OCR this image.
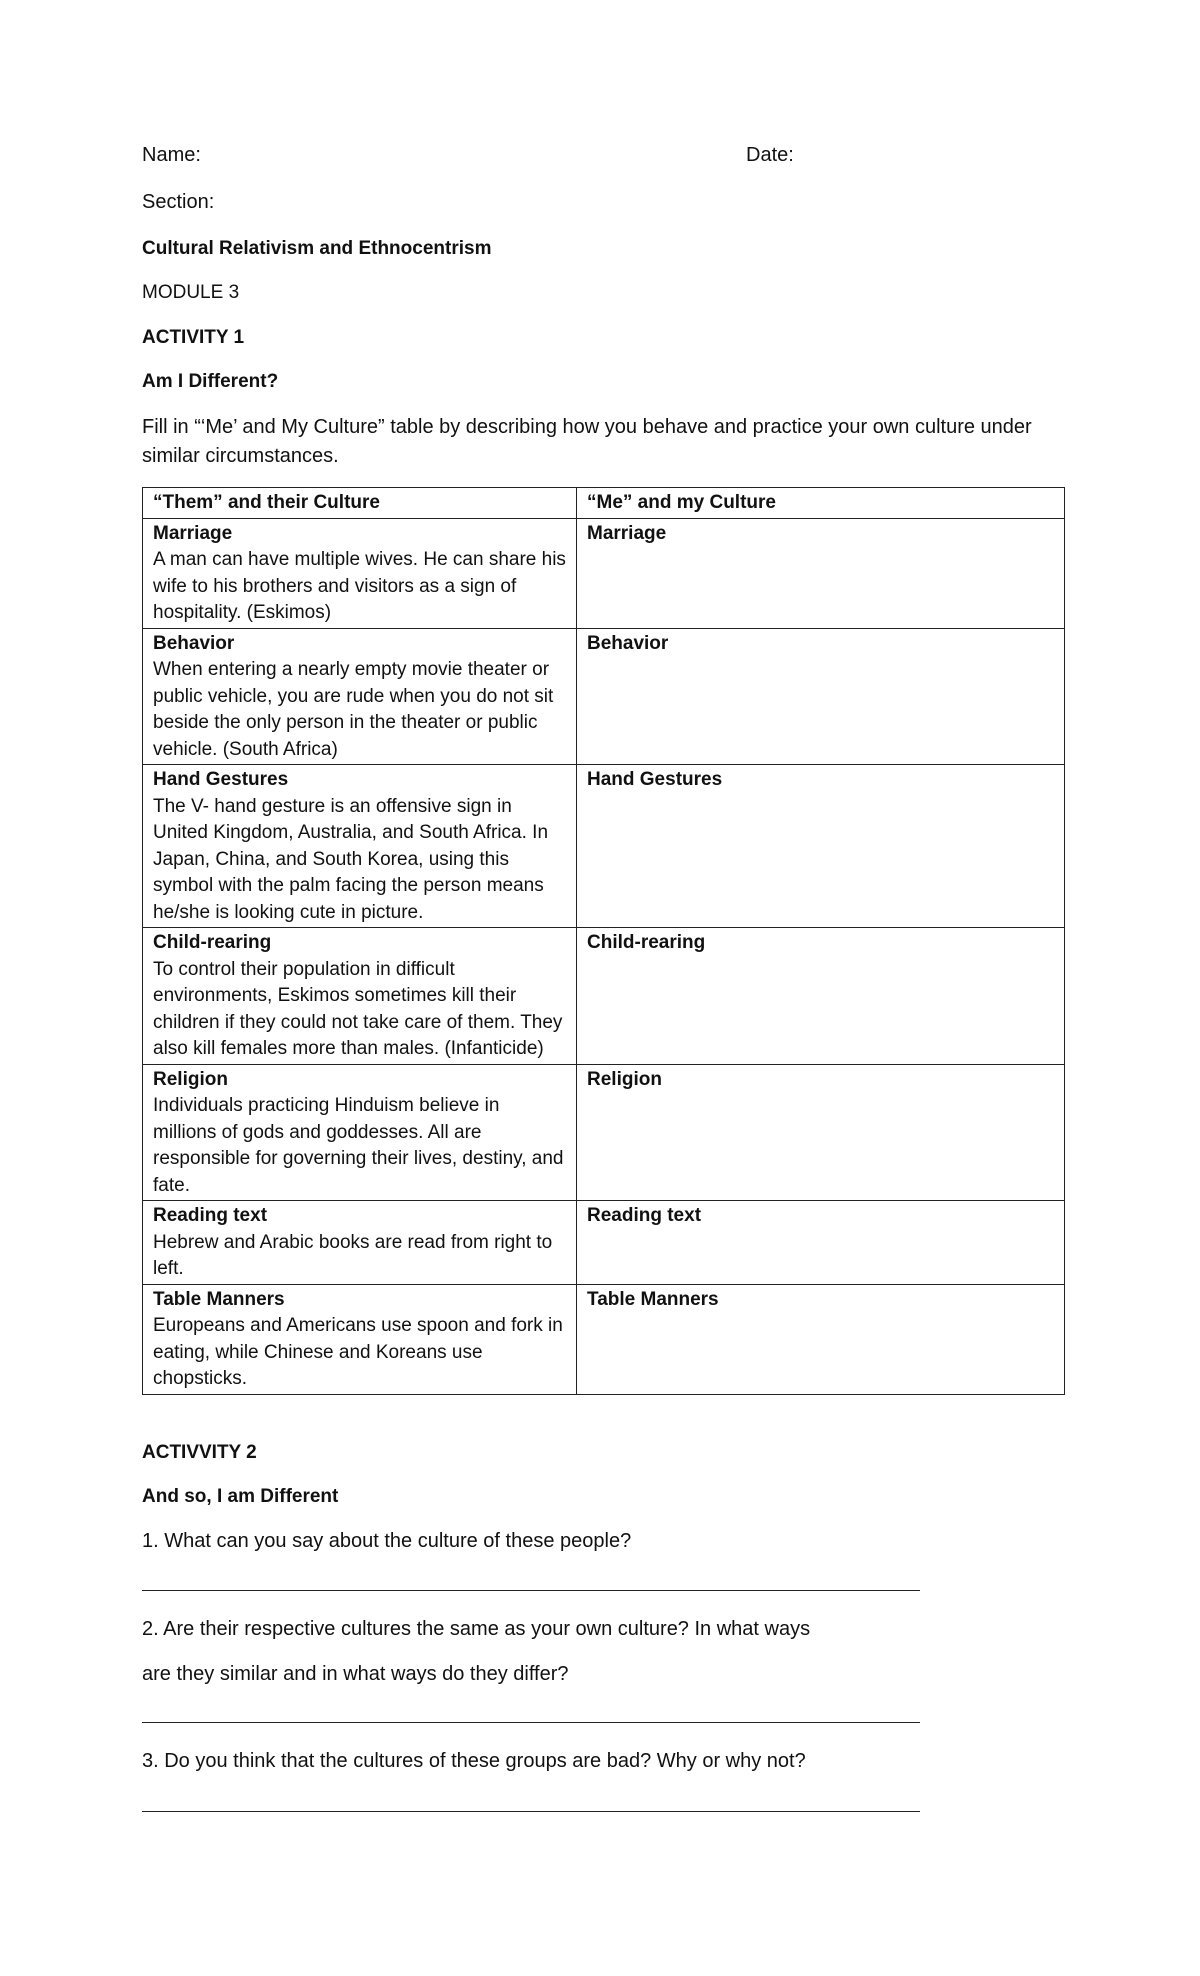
Name:	Date:
Section:
Cultural Relativism and Ethnocentrism
MODULE 3
ACTIVITY 1
Am I Different?
Fill in “‘Me’ and My Culture” table by describing how you behave and practice your own culture under similar circumstances.
“Them” and their Culture	“Me” and my Culture

Marriage
A man can have multiple wives. He can share his wife to his brothers and visitors as a sign of hospitality. (Eskimos)	Marriage

Behavior
When entering a nearly empty movie theater or public vehicle, you are rude when you do not sit beside the only person in the theater or public vehicle. (South Africa)	Behavior

Hand Gestures
The V- hand gesture is an offensive sign in United Kingdom, Australia, and South Africa. In Japan, China, and South Korea, using this symbol with the palm facing the person means he/she is looking cute in picture.	Hand Gestures

Child-rearing
To control their population in difficult environments, Eskimos sometimes kill their children if they could not take care of them. They also kill females more than males. (Infanticide)	Child-rearing

Religion
Individuals practicing Hinduism believe in millions of gods and goddesses. All are responsible for governing their lives, destiny, and fate.	Religion

Reading text
Hebrew and Arabic books are read from right to left.	Reading text

Table Manners
Europeans and Americans use spoon and fork in eating, while Chinese and Koreans use chopsticks.	Table Manners
ACTIVVITY 2
And so, I am Different
1. What can you say about the culture of these people?
2. Are their respective cultures the same as your own culture? In what ways
are they similar and in what ways do they differ?
3. Do you think that the cultures of these groups are bad? Why or why not?
